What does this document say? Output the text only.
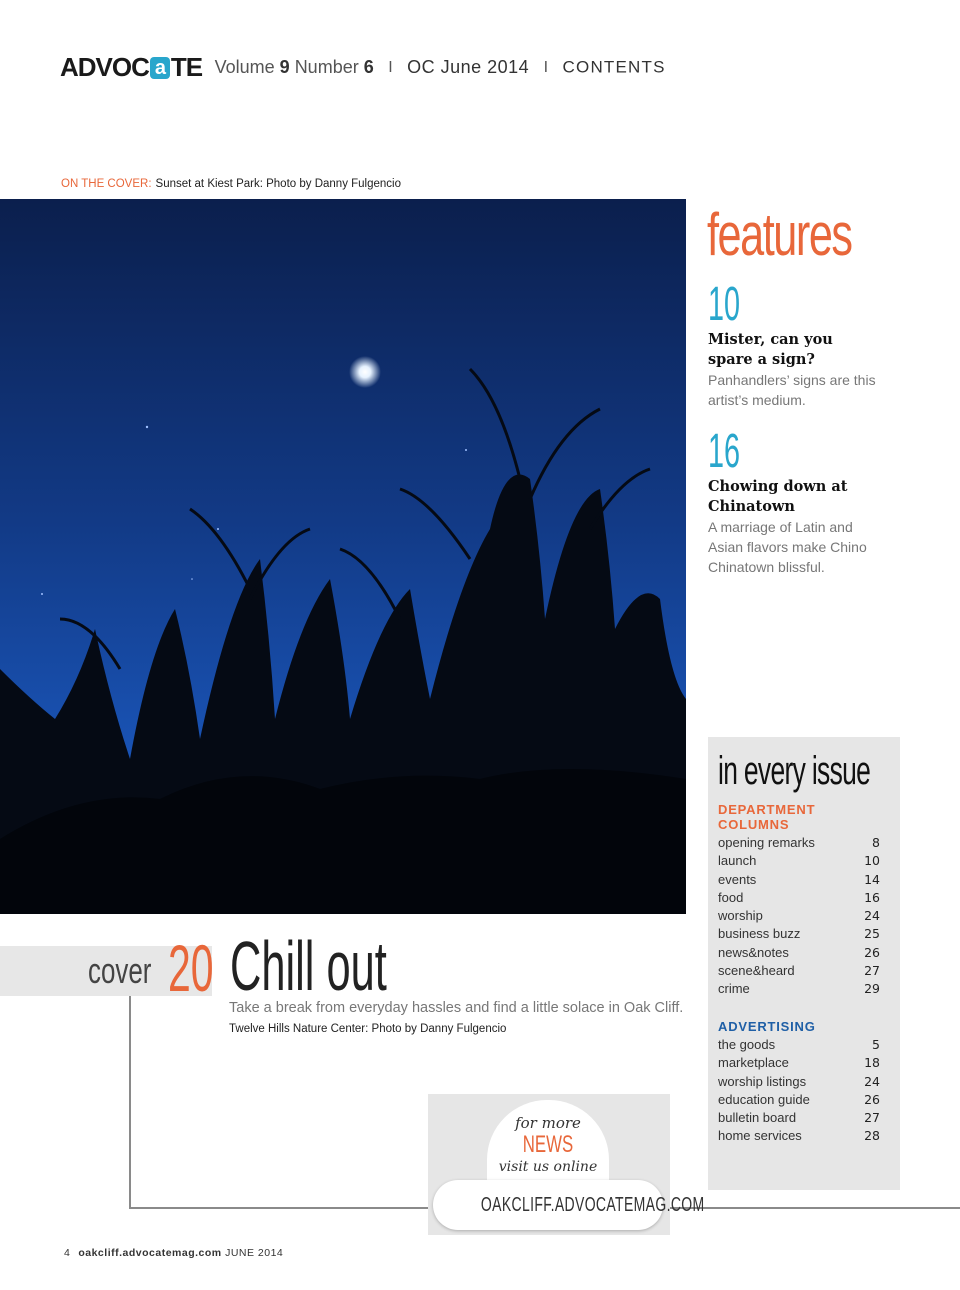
ADVOC a TE Volume 9 Number 6 I OC June 2014 I CONTENTS
ON THE COVER: Sunset at Kiest Park: Photo by Danny Fulgencio
features
10
Mister, can you
spare a sign?
Panhandlers’ signs are this
artist’s medium.
16
Chowing down at
Chinatown
A marriage of Latin and
Asian flavors make Chino
Chinatown blissful.
in every issue
DEPARTMENT
COLUMNS
opening remarks	8
launch	10
events	14
food	16
worship	24
business buzz	25
news&notes	26
scene&heard	27
crime	29
ADVERTISING
the goods	5
marketplace	18
worship listings	24
education guide	26
bulletin board	27
home services	28
cover 20 Chill out
Take a break from everyday hassles and find a little solace in Oak Cliff.
Twelve Hills Nature Center: Photo by Danny Fulgencio
for more
NEWS
visit us online
OAKCLIFF.ADVOCATEMAG.COM
4 oakcliff.advocatemag.com JUNE 2014
